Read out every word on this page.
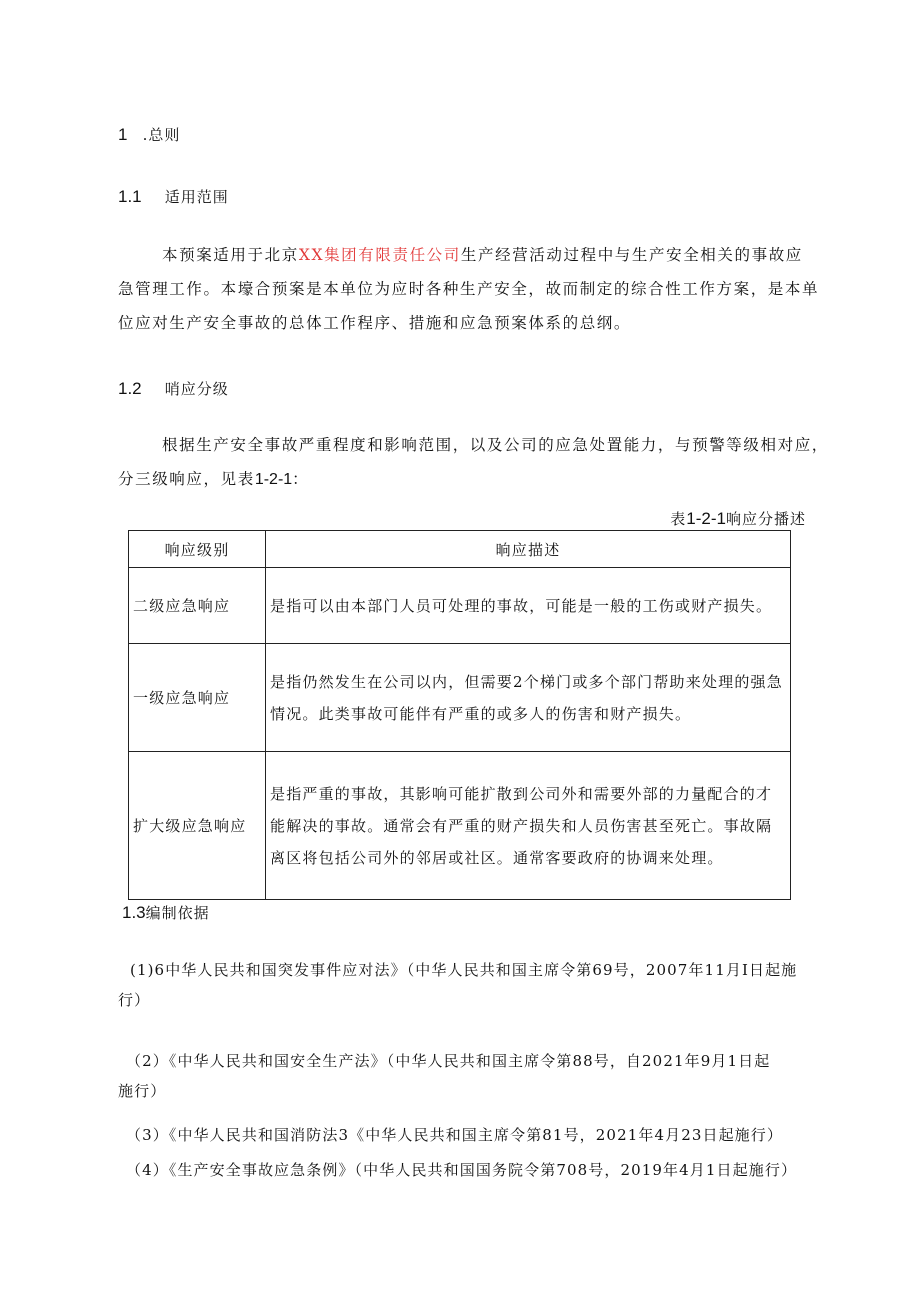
1 .总则
1.1 适用范围
本预案适用于北京XX集团有限责任公司生产经营活动过程中与生产安全相关的事故应
急管理工作。本壕合预案是本单位为应时各种生产安全，故而制定的综合性工作方案，是本单
位应对生产安全事故的总体工作程序、措施和应急预案体系的总纲。
1.2 哨应分级
根据生产安全事故严重程度和影响范围，以及公司的应急处置能力，与预警等级相对应，
分三级响应，见表1-2-1：
表1-2-1响应分播述
响应级别	晌应描述
二级应急响应	是指可以由本部门人员可处理的事故，可能是一般的工伤或财产损失。
一级应急响应	是指仍然发生在公司以内，但需要2个梯门或多个部门帮助来处理的强急情况。此类事故可能伴有严重的或多人的伤害和财产损失。
扩大级应急响应	是指严重的事故，其影响可能扩散到公司外和需要外部的力量配合的才能解决的事故。通常会有严重的财产损失和人员伤害甚至死亡。事故隔离区将包括公司外的邻居或社区。通常客要政府的协调来处理。
1.3编制依据
(1)6中华人民共和国突发事件应对法》（中华人民共和国主席令第69号，2007年11月I日起施
行）
（2）《中华人民共和国安全生产法》（中华人民共和国主席令第88号，自2021年9月1日起
施行）
（3）《中华人民共和国消防法3《中华人民共和国主席令第81号，2021年4月23日起施行）
（4）《生产安全事故应急条例》（中华人民共和国国务院令第708号，2019年4月1日起施行）
